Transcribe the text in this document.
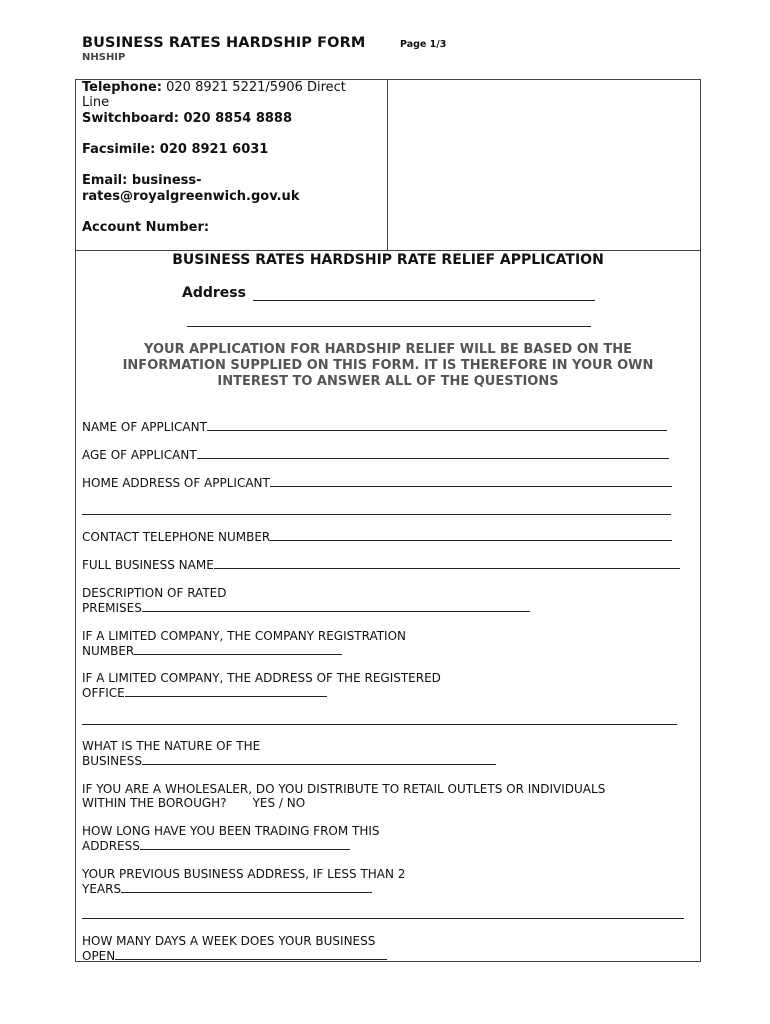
BUSINESS RATES HARDSHIP FORM	Page 1/3
NHSHIP
Telephone: 020 8921 5221/5906 Direct
Line
Switchboard: 020 8854 8888
Facsimile: 020 8921 6031
Email: business-
rates@royalgreenwich.gov.uk
Account Number:
BUSINESS RATES HARDSHIP RATE RELIEF APPLICATION
Address
YOUR APPLICATION FOR HARDSHIP RELIEF WILL BE BASED ON THE
INFORMATION SUPPLIED ON THIS FORM. IT IS THEREFORE IN YOUR OWN
INTEREST TO ANSWER ALL OF THE QUESTIONS
NAME OF APPLICANT
AGE OF APPLICANT
HOME ADDRESS OF APPLICANT
CONTACT TELEPHONE NUMBER
FULL BUSINESS NAME
DESCRIPTION OF RATED
PREMISES
IF A LIMITED COMPANY, THE COMPANY REGISTRATION
NUMBER
IF A LIMITED COMPANY, THE ADDRESS OF THE REGISTERED
OFFICE
WHAT IS THE NATURE OF THE
BUSINESS
IF YOU ARE A WHOLESALER, DO YOU DISTRIBUTE TO RETAIL OUTLETS OR INDIVIDUALS
WITHIN THE BOROUGH? YES / NO
HOW LONG HAVE YOU BEEN TRADING FROM THIS
ADDRESS
YOUR PREVIOUS BUSINESS ADDRESS, IF LESS THAN 2
YEARS
HOW MANY DAYS A WEEK DOES YOUR BUSINESS
OPEN
